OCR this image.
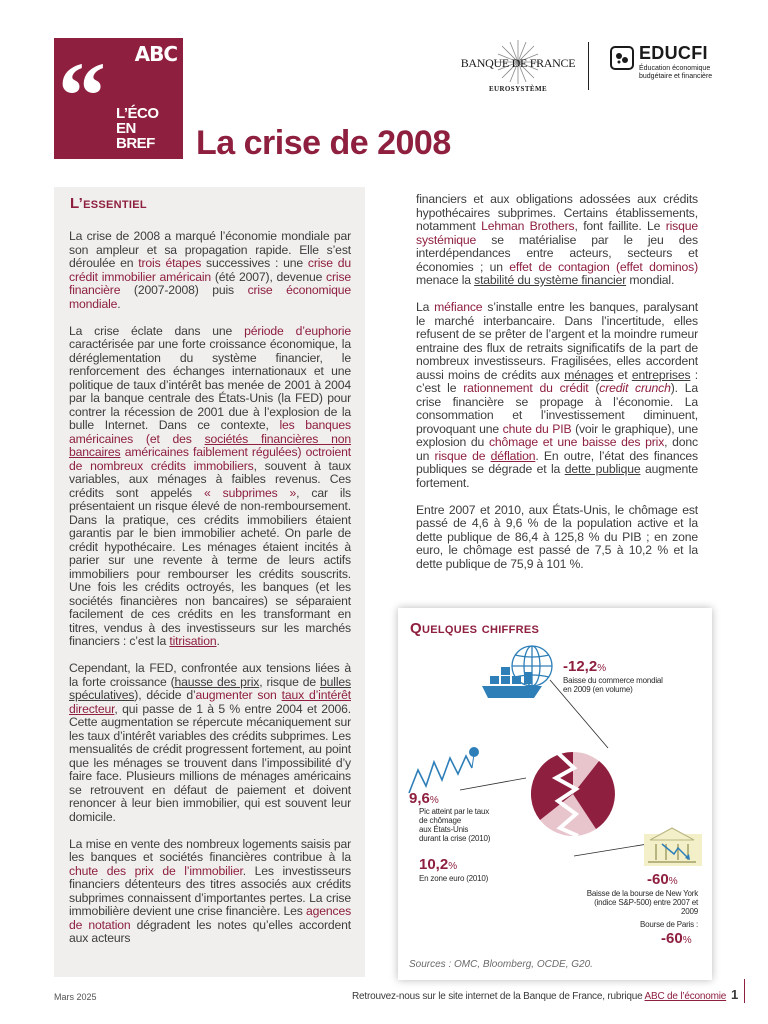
ABC
“ L’ÉCO
EN
BREF La crise de 2008
BANQUE DE FRANCE
EUROSYSTÈME
EDUCFI
Éducation économique
budgétaire et financière
L’essentiel

La crise de 2008 a marqué l’économie mondiale par son ampleur et sa propagation rapide. Elle s’est déroulée en trois étapes successives : une crise du crédit immobilier américain (été 2007), devenue crise financière (2007-2008) puis crise économique mondiale.

La crise éclate dans une période d’euphorie caractérisée par une forte croissance économique, la déréglementation du système financier, le renforcement des échanges internationaux et une politique de taux d’intérêt bas menée de 2001 à 2004 par la banque centrale des États-Unis (la FED) pour contrer la récession de 2001 due à l’explosion de la bulle Internet. Dans ce contexte, les banques américaines (et des sociétés financières non bancaires américaines faiblement régulées) octroient de nombreux crédits immobiliers, souvent à taux variables, aux ménages à faibles revenus. Ces crédits sont appelés « subprimes », car ils présentaient un risque élevé de non-remboursement. Dans la pratique, ces crédits immobiliers étaient garantis par le bien immobilier acheté. On parle de crédit hypothécaire. Les ménages étaient incités à parier sur une revente à terme de leurs actifs immobiliers pour rembourser les crédits souscrits. Une fois les crédits octroyés, les banques (et les sociétés financières non bancaires) se séparaient facilement de ces crédits en les transformant en titres, vendus à des investisseurs sur les marchés financiers : c’est la titrisation.

Cependant, la FED, confrontée aux tensions liées à la forte croissance (hausse des prix, risque de bulles spéculatives), décide d’augmenter son taux d’intérêt directeur, qui passe de 1 à 5 % entre 2004 et 2006. Cette augmentation se répercute mécaniquement sur les taux d’intérêt variables des crédits subprimes. Les mensualités de crédit progressent fortement, au point que les ménages se trouvent dans l’impossibilité d’y faire face. Plusieurs millions de ménages américains se retrouvent en défaut de paiement et doivent renoncer à leur bien immobilier, qui est souvent leur domicile.

La mise en vente des nombreux logements saisis par les banques et sociétés financières contribue à la chute des prix de l’immobilier. Les investisseurs financiers détenteurs des titres associés aux crédits subprimes connaissent d’importantes pertes. La crise immobilière devient une crise financière. Les agences de notation dégradent les notes qu’elles accordent aux acteurs

financiers et aux obligations adossées aux crédits hypothécaires subprimes. Certains établissements, notamment Lehman Brothers, font faillite. Le risque systémique se matérialise par le jeu des interdépendances entre acteurs, secteurs et économies ; un effet de contagion (effet dominos) menace la stabilité du système financier mondial.

La méfiance s’installe entre les banques, paralysant le marché interbancaire. Dans l’incertitude, elles refusent de se prêter de l’argent et la moindre rumeur entraine des flux de retraits significatifs de la part de nombreux investisseurs. Fragilisées, elles accordent aussi moins de crédits aux ménages et entreprises : c’est le rationnement du crédit (credit crunch). La crise financière se propage à l’économie. La consommation et l’investissement diminuent, provoquant une chute du PIB (voir le graphique), une explosion du chômage et une baisse des prix, donc un risque de déflation. En outre, l’état des finances publiques se dégrade et la dette publique augmente fortement.

Entre 2007 et 2010, aux États-Unis, le chômage est passé de 4,6 à 9,6 % de la population active et la dette publique de 86,4 à 125,8 % du PIB ; en zone euro, le chômage est passé de 7,5 à 10,2 % et la dette publique de 75,9 à 101 %.

Quelques chiffres
-12,2%
Baisse du commerce mondial
en 2009 (en volume)
9,6%
Pic atteint par le taux
de chômage
aux États-Unis
durant la crise (2010)
10,2%
En zone euro (2010)	-60%
Baisse de la bourse de New York
(indice S&P-500) entre 2007 et 2009
Bourse de Paris :
-60%
Sources : OMC, Bloomberg, OCDE, G20.
Mars 2025	Retrouvez-nous sur le site internet de la Banque de France, rubrique ABC de l’économie 1
